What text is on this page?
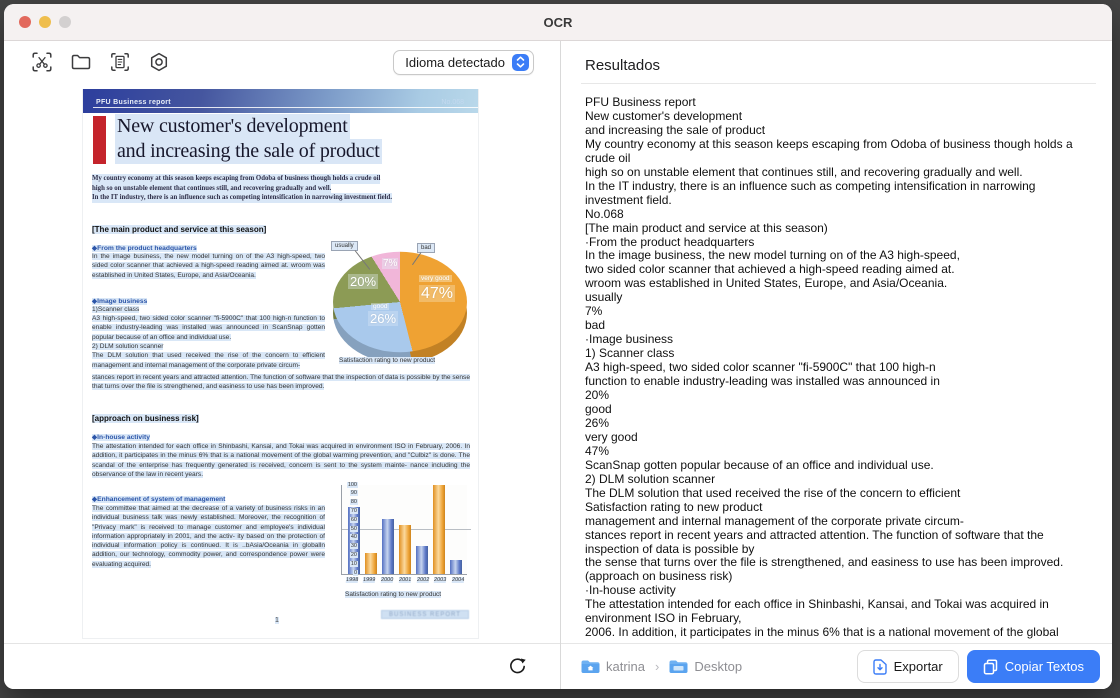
OCR
Idioma detectado
PFU Business report	No.068
New customer's development
and increasing the sale of product
My country economy at this season keeps escaping from Odoba of business though holds a crude oil
high so on unstable element that continues still, and recovering gradually and well.
In the IT industry, there is an influence such as competing intensification in narrowing investment field.
[The main product and service at this season]
◆From the product headquarters

In the image business, the new model turning on of the A3 high-speed, two sided color scanner that achieved a high-speed reading aimed at. wroom was established in United States, Europe, and Asia/Oceania.

◆Image business
1)Scanner class

A3 high-speed, two sided color scanner "fi-5900C" that 100 high-n function to enable industry-leading was installed was announced in ScanSnap gotten popular because of an office and individual use.

2) DLM solution scanner

The DLM solution that used received the rise of the concern to efficient management and internal management of the corporate private circum-

stances report in recent years and attracted attention. The function of software that the inspection of data is possible by the sense that turns over the file is strengthened, and easiness to use has been improved.

[approach on business risk]
◆In-house activity

The attestation intended for each office in Shinbashi, Kansai, and Tokai was acquired in environment ISO in February, 2006. In addition, it participates in the minus 6% that is a national movement of the global warming prevention, and "Culbiz" is done. The scandal of the enterprise has frequently generated is received, concern is sent to the system mainte- nance including the observance of the law in recent years.

◆Enhancement of system of management

The committee that aimed at the decrease of a variety of business risks in an individual business talk was newly established. Moreover, the recognition of "Privacy mark" is received to manage customer and employee's individual information appropriately in 2001, and the activ- ity based on the protection of individual information policy is continued. It is ..bAsia/Oceania in globalln addition, our technology, commodity power, and correspondence power were evaluating acquired.

usually	bad
7%
20%	very good
47%
good
26%
Satisfaction rating to new product
100
90
80
70
60
50
40
30
20
10
0
1998 1999 2000 2001 2002 2003 2004
Satisfaction rating to new product
1
BUSINESS REPORT
Resultados
PFU Business report
New customer's development
and increasing the sale of product
My country economy at this season keeps escaping from Odoba of business though holds a
crude oil
high so on unstable element that continues still, and recovering gradually and well.
In the IT industry, there is an influence such as competing intensification in narrowing
investment field.
No.068
[The main product and service at this season)
·From the product headquarters
In the image business, the new model turning on of the A3 high-speed,
two sided color scanner that achieved a high-speed reading aimed at.
wroom was established in United States, Europe, and Asia/Oceania.
usually
7%
bad
·Image business
1) Scanner class
A3 high-speed, two sided color scanner "fi-5900C" that 100 high-n
function to enable industry-leading was installed was announced in
20%
good
26%
very good
47%
ScanSnap gotten popular because of an office and individual use.
2) DLM solution scanner
The DLM solution that used received the rise of the concern to efficient
Satisfaction rating to new product
management and internal management of the corporate private circum-
stances report in recent years and attracted attention. The function of software that the
inspection of data is possible by
the sense that turns over the file is strengthened, and easiness to use has been improved.
(approach on business risk)
·In-house activity
The attestation intended for each office in Shinbashi, Kansai, and Tokai was acquired in
environment ISO in February,
2006. In addition, it participates in the minus 6% that is a national movement of the global
katrina ›	Desktop	Exportar	Copiar Textos
